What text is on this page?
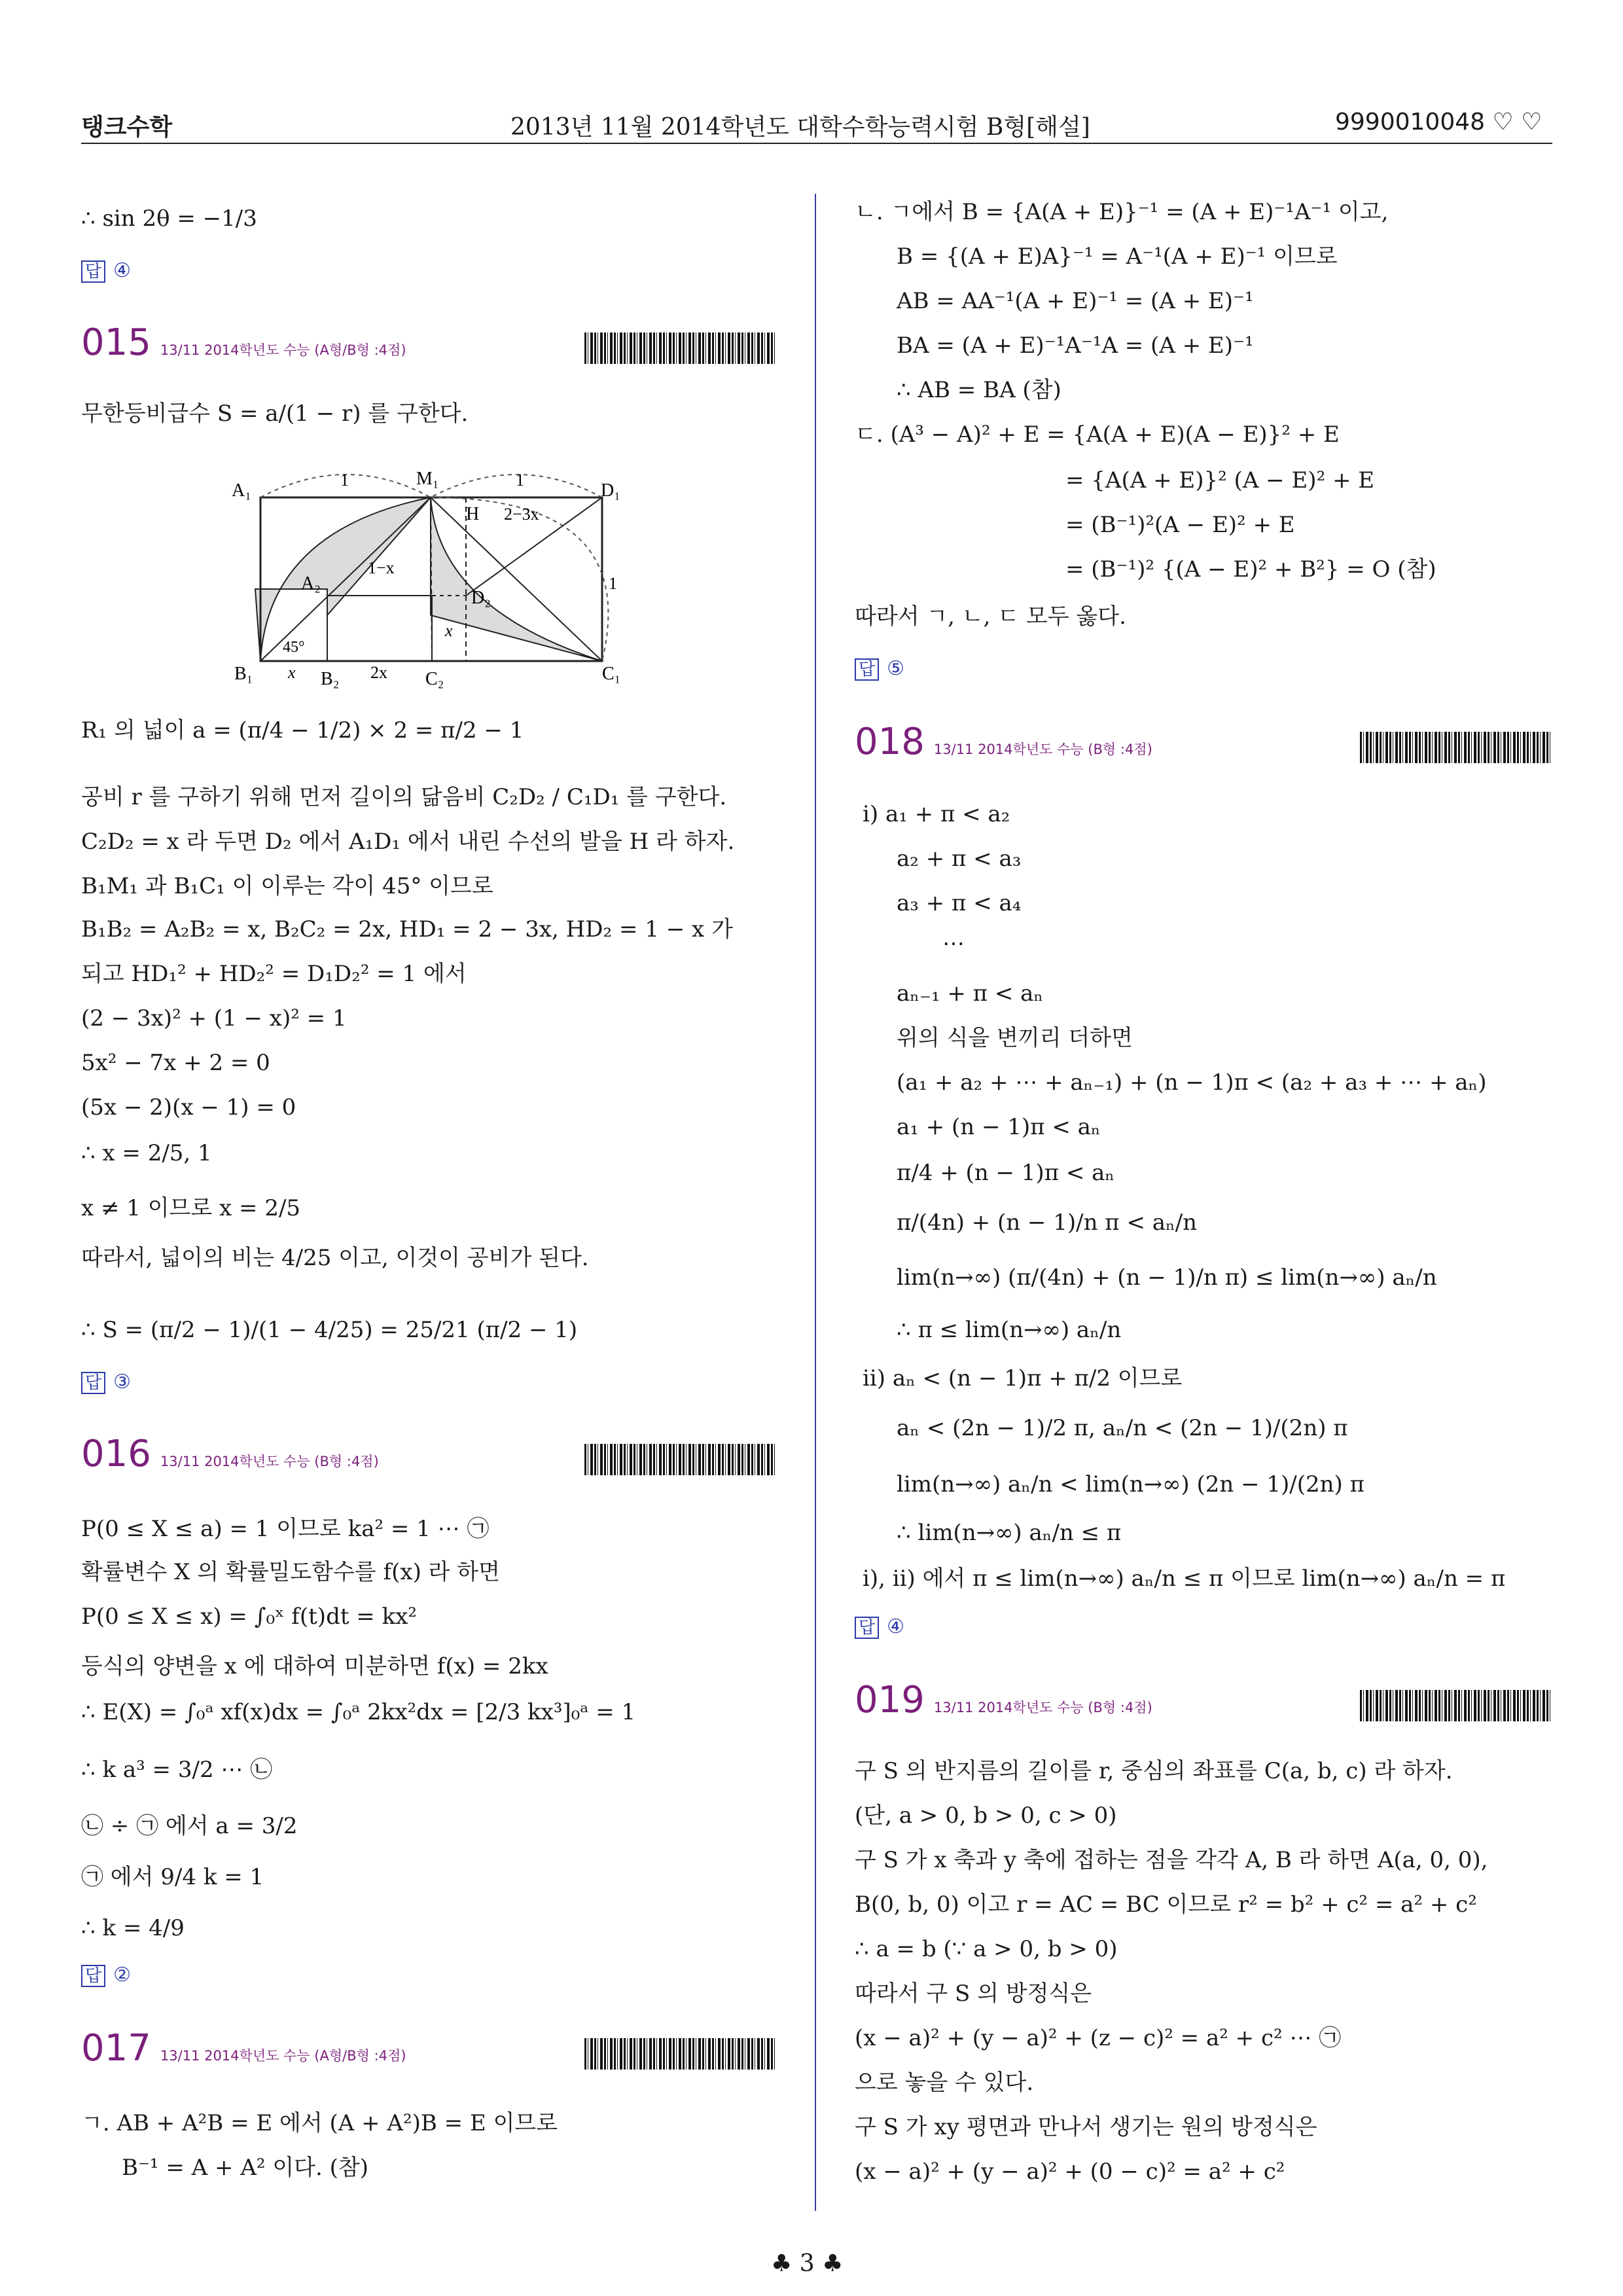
탱크수학	2013년 11월 2014학년도 대학수학능력시험 B형[해설]	9990010048 ♡ ♡
∴ sin 2θ = −1/3
답 ④
015 13/11 2014학년도 수능 (A형/B형 :4점)
무한등비급수 S = a/(1 − r) 를 구한다.
A₁
M₁
D₁
H
A₂
D₂
B₁	B₂	C₂	C₁
1	1
1
2−3x
1−x
x
x	2x
45°
R₁ 의 넓이 a = (π/4 − 1/2) × 2 = π/2 − 1
공비 r 를 구하기 위해 먼저 길이의 닮음비 C₂D₂ / C₁D₁ 를 구한다.
C₂D₂ = x 라 두면 D₂ 에서 A₁D₁ 에서 내린 수선의 발을 H 라 하자.
B₁M₁ 과 B₁C₁ 이 이루는 각이 45° 이므로
B₁B₂ = A₂B₂ = x, B₂C₂ = 2x, HD₁ = 2 − 3x, HD₂ = 1 − x 가
되고 HD₁² + HD₂² = D₁D₂² = 1 에서
(2 − 3x)² + (1 − x)² = 1
5x² − 7x + 2 = 0
(5x − 2)(x − 1) = 0
∴ x = 2/5, 1
x ≠ 1 이므로 x = 2/5
따라서, 넓이의 비는 4/25 이고, 이것이 공비가 된다.
∴ S = (π/2 − 1)/(1 − 4/25) = 25/21 (π/2 − 1)
답 ③
016 13/11 2014학년도 수능 (B형 :4점)
P(0 ≤ X ≤ a) = 1 이므로 ka² = 1 ⋯ ㉠
확률변수 X 의 확률밀도함수를 f(x) 라 하면
P(0 ≤ X ≤ x) = ∫₀ˣ f(t)dt = kx²
등식의 양변을 x 에 대하여 미분하면 f(x) = 2kx
∴ E(X) = ∫₀ᵃ xf(x)dx = ∫₀ᵃ 2kx²dx = [2/3 kx³]₀ᵃ = 1
∴ k a³ = 3/2 ⋯ ㉡
㉡ ÷ ㉠ 에서 a = 3/2
㉠ 에서 9/4 k = 1
∴ k = 4/9
답 ②
017 13/11 2014학년도 수능 (A형/B형 :4점)
ㄱ. AB + A²B = E 에서 (A + A²)B = E 이므로
B⁻¹ = A + A² 이다. (참)
ㄴ. ㄱ에서 B = {A(A + E)}⁻¹ = (A + E)⁻¹A⁻¹ 이고,
B = {(A + E)A}⁻¹ = A⁻¹(A + E)⁻¹ 이므로
AB = AA⁻¹(A + E)⁻¹ = (A + E)⁻¹
BA = (A + E)⁻¹A⁻¹A = (A + E)⁻¹
∴ AB = BA (참)
ㄷ. (A³ − A)² + E = {A(A + E)(A − E)}² + E
= {A(A + E)}² (A − E)² + E
= (B⁻¹)²(A − E)² + E
= (B⁻¹)² {(A − E)² + B²} = O (참)
따라서 ㄱ, ㄴ, ㄷ 모두 옳다.
답 ⑤
018 13/11 2014학년도 수능 (B형 :4점)
ⅰ) a₁ + π < a₂
a₂ + π < a₃
a₃ + π < a₄
⋯
aₙ₋₁ + π < aₙ
위의 식을 변끼리 더하면
(a₁ + a₂ + ⋯ + aₙ₋₁) + (n − 1)π < (a₂ + a₃ + ⋯ + aₙ)
a₁ + (n − 1)π < aₙ
π/4 + (n − 1)π < aₙ
π/(4n) + (n − 1)/n π < aₙ/n
lim(n→∞) (π/(4n) + (n − 1)/n π) ≤ lim(n→∞) aₙ/n
∴ π ≤ lim(n→∞) aₙ/n
ⅱ) aₙ < (n − 1)π + π/2 이므로
aₙ < (2n − 1)/2 π, aₙ/n < (2n − 1)/(2n) π
lim(n→∞) aₙ/n < lim(n→∞) (2n − 1)/(2n) π
∴ lim(n→∞) aₙ/n ≤ π
ⅰ), ⅱ) 에서 π ≤ lim(n→∞) aₙ/n ≤ π 이므로 lim(n→∞) aₙ/n = π
답 ④
019 13/11 2014학년도 수능 (B형 :4점)
구 S 의 반지름의 길이를 r, 중심의 좌표를 C(a, b, c) 라 하자.
(단, a > 0, b > 0, c > 0)
구 S 가 x 축과 y 축에 접하는 점을 각각 A, B 라 하면 A(a, 0, 0),
B(0, b, 0) 이고 r = AC = BC 이므로 r² = b² + c² = a² + c²
∴ a = b (∵ a > 0, b > 0)
따라서 구 S 의 방정식은
(x − a)² + (y − a)² + (z − c)² = a² + c² ⋯ ㉠
으로 놓을 수 있다.
구 S 가 xy 평면과 만나서 생기는 원의 방정식은
(x − a)² + (y − a)² + (0 − c)² = a² + c²
♣ 3 ♣
